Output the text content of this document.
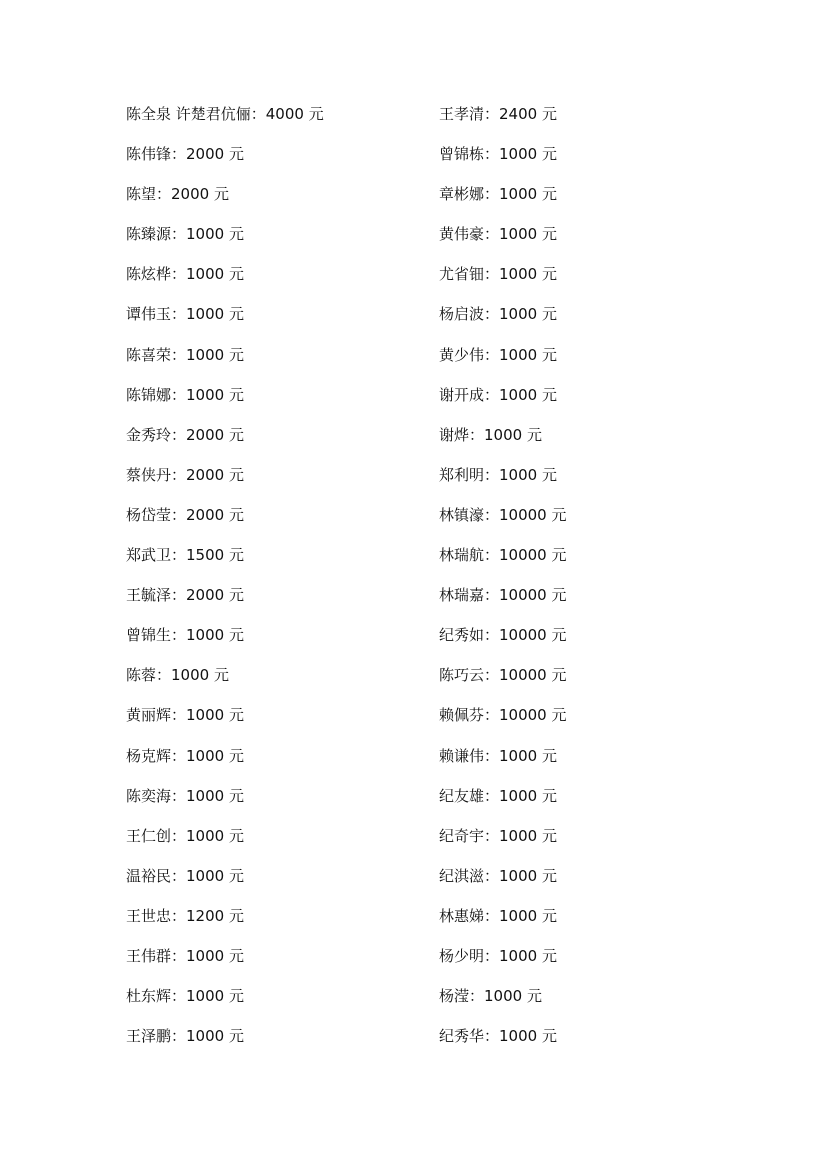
陈全泉 许楚君伉俪：4000 元
陈伟锋：2000 元
陈望：2000 元
陈臻源：1000 元
陈炫桦：1000 元
谭伟玉：1000 元
陈喜荣：1000 元
陈锦娜：1000 元
金秀玲：2000 元
蔡侠丹：2000 元
杨岱莹：2000 元
郑武卫：1500 元
王毓泽：2000 元
曾锦生：1000 元
陈蓉：1000 元
黄丽辉：1000 元
杨克辉：1000 元
陈奕海：1000 元
王仁创：1000 元
温裕民：1000 元
王世忠：1200 元
王伟群：1000 元
杜东辉：1000 元
王泽鹏：1000 元
王孝清：2400 元
曾锦栋：1000 元
章彬娜：1000 元
黄伟豪：1000 元
尤省钿：1000 元
杨启波：1000 元
黄少伟：1000 元
谢开成：1000 元
谢烨：1000 元
郑利明：1000 元
林镇濠：10000 元
林瑞航：10000 元
林瑞嘉：10000 元
纪秀如：10000 元
陈巧云：10000 元
赖佩芬：10000 元
赖谦伟：1000 元
纪友雄：1000 元
纪奇宇：1000 元
纪淇滋：1000 元
林惠娣：1000 元
杨少明：1000 元
杨滢：1000 元
纪秀华：1000 元
